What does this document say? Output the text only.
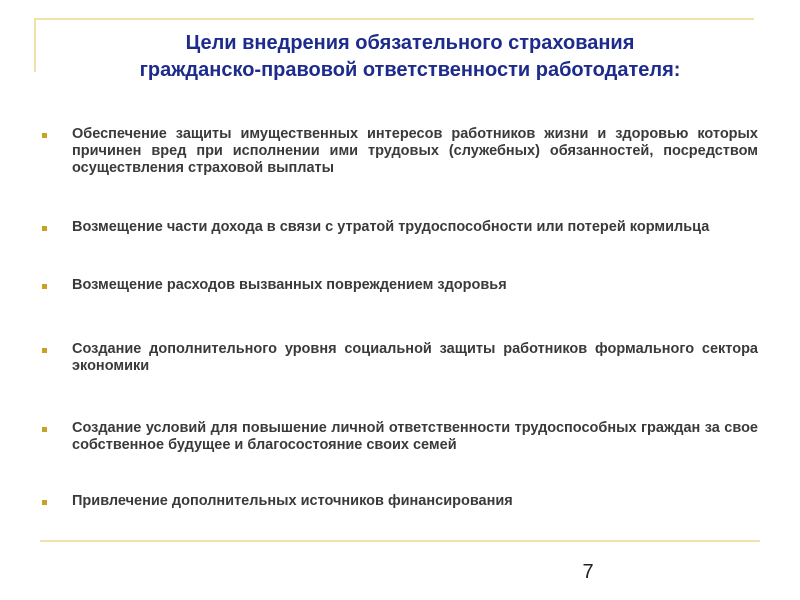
Цели внедрения обязательного страхования
гражданско-правовой ответственности работодателя:
Обеспечение защиты имущественных интересов работников жизни и здоровью которых причинен вред при исполнении ими трудовых (служебных) обязанностей, посредством осуществления страховой выплаты
Возмещение части дохода в связи с утратой трудоспособности или потерей кормильца
Возмещение расходов вызванных повреждением здоровья
Создание дополнительного уровня социальной защиты работников формального сектора экономики
Создание условий для повышение личной ответственности трудоспособных граждан за свое собственное будущее и благосостояние своих семей
Привлечение дополнительных источников финансирования
7
